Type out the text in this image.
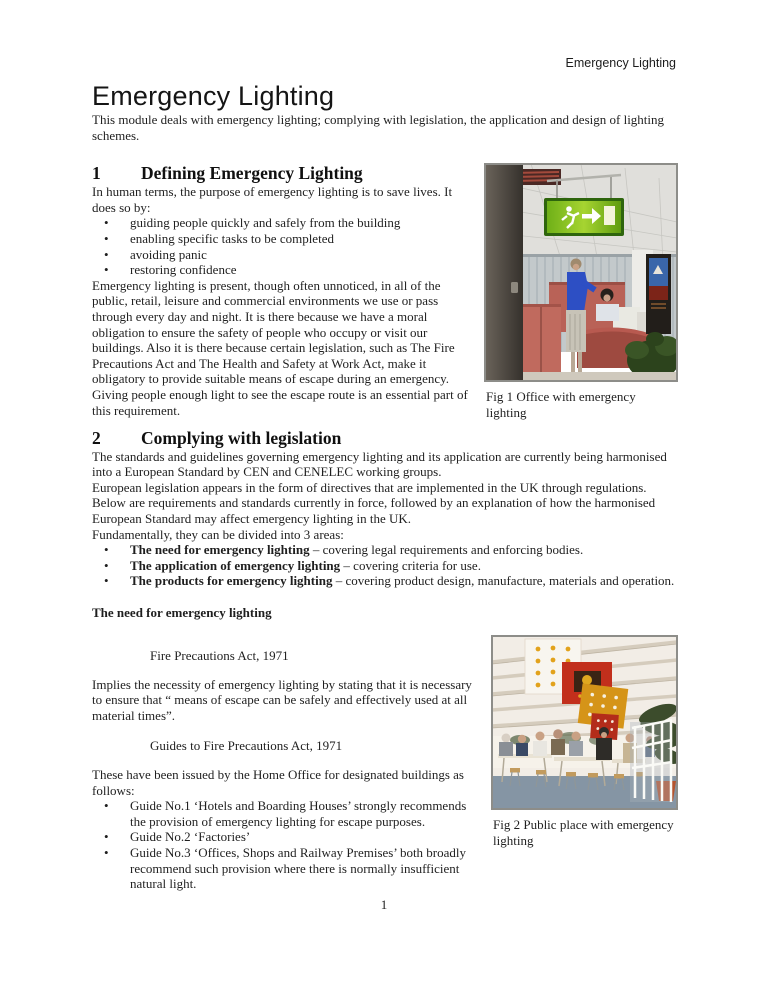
Emergency Lighting
Emergency Lighting

This module deals with emergency lighting; complying with legislation, the application and design of lighting schemes.

1 Defining Emergency Lighting

In human terms, the purpose of emergency lighting is to save lives. It does so by:

•
guiding people quickly and safely from the building
•
enabling specific tasks to be completed
•
avoiding panic
•
restoring confidence

Emergency lighting is present, though often unnoticed, in all of the public, retail, leisure and commercial environments we use or pass through every day and night. It is there because we have a moral obligation to ensure the safety of people who occupy or visit our buildings. Also it is there because certain legislation, such as The Fire Precautions Act and The Health and Safety at Work Act, make it obligatory to provide suitable means of escape during an emergency. Giving people enough light to see the escape route is an essential part of this requirement.

Fig 1 Office with emergency lighting
2 Complying with legislation

The standards and guidelines governing emergency lighting and its application are currently being harmonised into a European Standard by CEN and CENELEC working groups.

European legislation appears in the form of directives that are implemented in the UK through regulations. Below are requirements and standards currently in force, followed by an explanation of how the harmonised European Standard may affect emergency lighting in the UK.

Fundamentally, they can be divided into 3 areas:

•
The need for emergency lighting – covering legal requirements and enforcing bodies.
•
The application of emergency lighting – covering criteria for use.
•
The products for emergency lighting – covering product design, manufacture, materials and operation.
The need for emergency lighting

Fire Precautions Act, 1971

Implies the necessity of emergency lighting by stating that it is necessary to ensure that “ means of escape can be safely and effectively used at all material times”.

Guides to Fire Precautions Act, 1971

These have been issued by the Home Office for designated buildings as follows:

•
Guide No.1 ‘Hotels and Boarding Houses’ strongly recommends the provision of emergency lighting for escape purposes.
•
Guide No.2 ‘Factories’
•
Guide No.3 ‘Offices, Shops and Railway Premises’ both broadly recommend such provision where there is normally insufficient natural light.
Fig 2 Public place with emergency lighting
1
